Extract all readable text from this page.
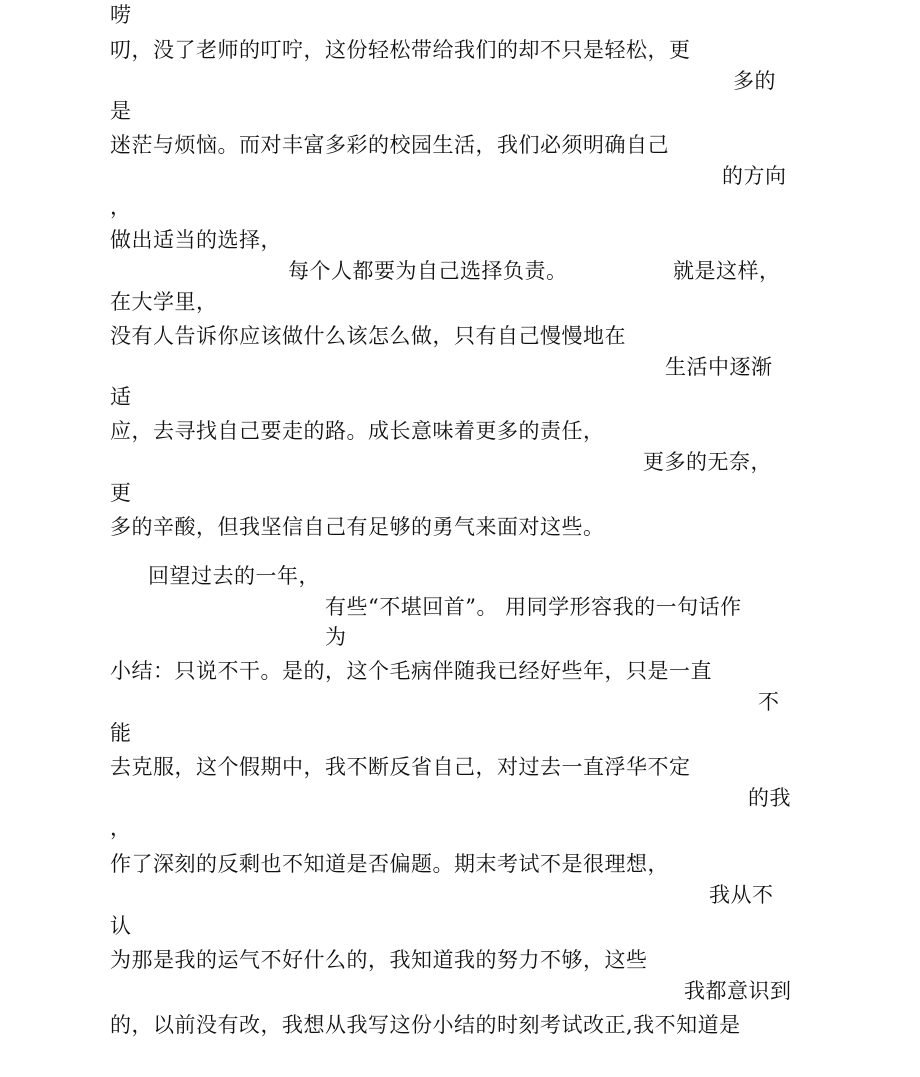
唠

叨，没了老师的叮咛，这份轻松带给我们的却不只是轻松，更

多的

是

迷茫与烦恼。而对丰富多彩的校园生活，我们必须明确自己

的方向

，

做出适当的选择，

每个人都要为自己选择负责。	就是这样，

在大学里，

没有人告诉你应该做什么该怎么做，只有自己慢慢地在

生活中逐渐

适

应，去寻找自己要走的路。成长意味着更多的责任，

更多的无奈，

更

多的辛酸，但我坚信自己有足够的勇气来面对这些。

回望过去的一年，

有些“不堪回首”。 用同学形容我的一句话作

为

小结：只说不干。是的，这个毛病伴随我已经好些年，只是一直

不

能

去克服，这个假期中，我不断反省自己，对过去一直浮华不定

的我

，

作了深刻的反剩也不知道是否偏题。期末考试不是很理想，

我从不

认

为那是我的运气不好什么的，我知道我的努力不够，这些

我都意识到

的，以前没有改，我想从我写这份小结的时刻考试改正,我不知道是
